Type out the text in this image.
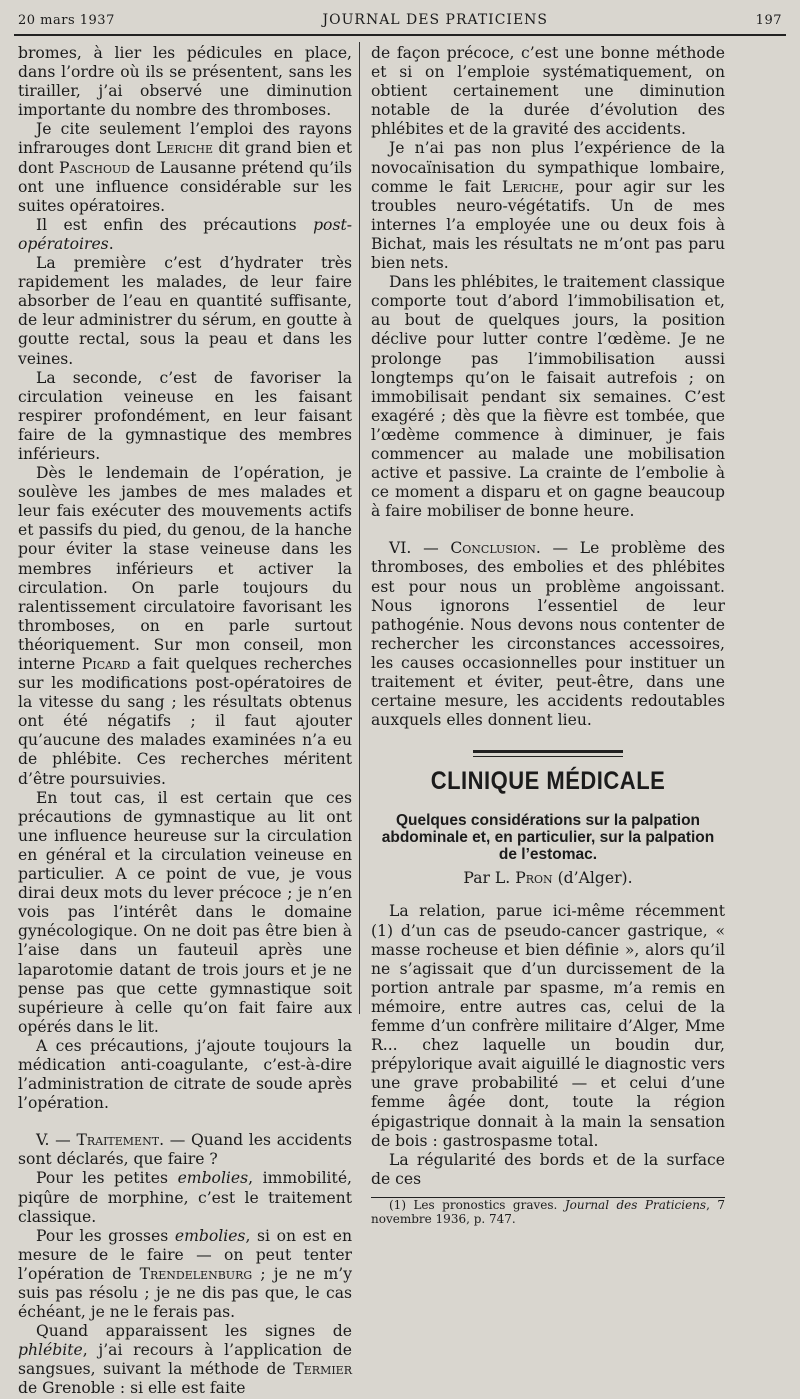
20 mars 1937	JOURNAL DES PRATICIENS	197

bromes, à lier les pédicules en place, dans l’ordre où ils se présentent, sans les tirailler, j’ai observé une diminution importante du nombre des thromboses.

Je cite seulement l’emploi des rayons infrarouges dont Leriche dit grand bien et dont Paschoud de Lausanne prétend qu’ils ont une influence considérable sur les suites opératoires.

Il est enfin des précautions post-opératoires.

La première c’est d’hydrater très rapidement les malades, de leur faire absorber de l’eau en quantité suffisante, de leur administrer du sérum, en goutte à goutte rectal, sous la peau et dans les veines.

La seconde, c’est de favoriser la circulation veineuse en les faisant respirer profondément, en leur faisant faire de la gymnastique des membres inférieurs.

Dès le lendemain de l’opération, je soulève les jambes de mes malades et leur fais exécuter des mouvements actifs et passifs du pied, du genou, de la hanche pour éviter la stase veineuse dans les membres inférieurs et activer la circulation. On parle toujours du ralentissement circulatoire favorisant les thromboses, on en parle surtout théoriquement. Sur mon conseil, mon interne Picard a fait quelques recherches sur les modifications post-opératoires de la vitesse du sang ; les résultats obtenus ont été négatifs ; il faut ajouter qu’aucune des malades examinées n’a eu de phlébite. Ces recherches méritent d’être poursuivies.

En tout cas, il est certain que ces précautions de gymnastique au lit ont une influence heureuse sur la circulation en général et la circulation veineuse en particulier. A ce point de vue, je vous dirai deux mots du lever précoce ; je n’en vois pas l’intérêt dans le domaine gynécologique. On ne doit pas être bien à l’aise dans un fauteuil après une laparotomie datant de trois jours et je ne pense pas que cette gymnastique soit supérieure à celle qu’on fait faire aux opérés dans le lit.

A ces précautions, j’ajoute toujours la médication anti-coagulante, c’est-à-dire l’administration de citrate de soude après l’opération.

V. — Traitement. — Quand les accidents sont déclarés, que faire ?

Pour les petites embolies, immobilité, piqûre de morphine, c’est le traitement classique.

Pour les grosses embolies, si on est en mesure de le faire — on peut tenter l’opération de Trendelenburg ; je ne m’y suis pas résolu ; je ne dis pas que, le cas échéant, je ne le ferais pas.

Quand apparaissent les signes de phlébite, j’ai recours à l’application de sangsues, suivant la méthode de Termier de Grenoble : si elle est faite

de façon précoce, c’est une bonne méthode et si on l’emploie systématiquement, on obtient certainement une diminution notable de la durée d’évolution des phlébites et de la gravité des accidents.

Je n’ai pas non plus l’expérience de la novocaïnisation du sympathique lombaire, comme le fait Leriche, pour agir sur les troubles neuro-végétatifs. Un de mes internes l’a employée une ou deux fois à Bichat, mais les résultats ne m’ont pas paru bien nets.

Dans les phlébites, le traitement classique comporte tout d’abord l’immobilisation et, au bout de quelques jours, la position déclive pour lutter contre l’œdème. Je ne prolonge pas l’immobilisation aussi longtemps qu’on le faisait autrefois ; on immobilisait pendant six semaines. C’est exagéré ; dès que la fièvre est tombée, que l’œdème commence à diminuer, je fais commencer au malade une mobilisation active et passive. La crainte de l’embolie à ce moment a disparu et on gagne beaucoup à faire mobiliser de bonne heure.

VI. — Conclusion. — Le problème des thromboses, des embolies et des phlébites est pour nous un problème angoissant. Nous ignorons l’essentiel de leur pathogénie. Nous devons nous contenter de rechercher les circonstances accessoires, les causes occasionnelles pour instituer un traitement et éviter, peut-être, dans une certaine mesure, les accidents redoutables auxquels elles donnent lieu.

CLINIQUE MÉDICALE
Quelques considérations sur la palpation abdominale et, en particulier, sur la palpation de l’estomac.
Par L. Pron (d’Alger).

La relation, parue ici-même récemment (1) d’un cas de pseudo-cancer gastrique, « masse rocheuse et bien définie », alors qu’il ne s’agissait que d’un durcissement de la portion antrale par spasme, m’a remis en mémoire, entre autres cas, celui de la femme d’un confrère militaire d’Alger, Mme R... chez laquelle un boudin dur, prépylorique avait aiguillé le diagnostic vers une grave probabilité — et celui d’une femme âgée dont, toute la région épigastrique donnait à la main la sensation de bois : gastrospasme total.

La régularité des bords et de la surface de ces

(1) Les pronostics graves. Journal des Praticiens, 7 novembre 1936, p. 747.
